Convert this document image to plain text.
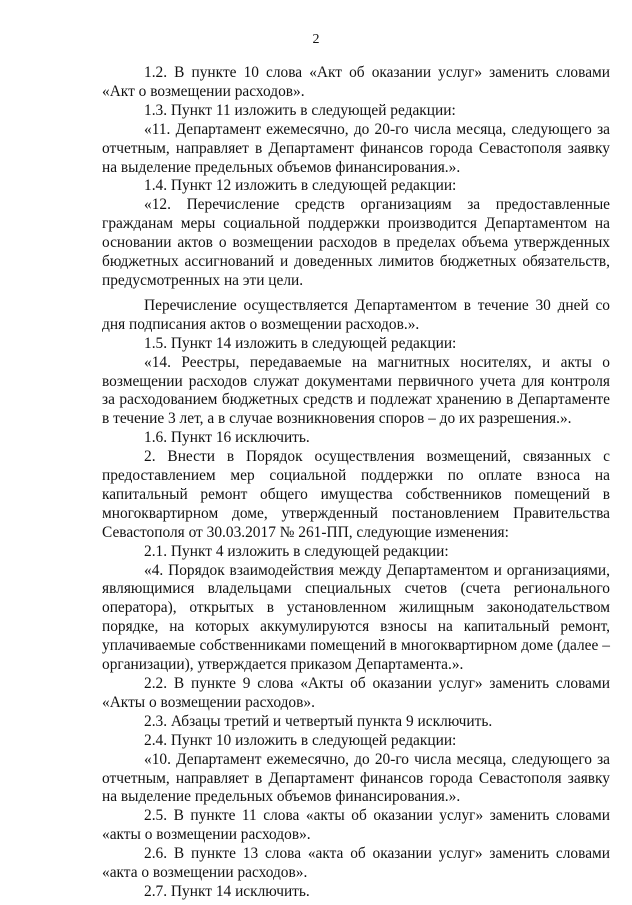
2

1.2. В пункте 10 слова «Акт об оказании услуг» заменить словами «Акт о возмещении расходов».

1.3. Пункт 11 изложить в следующей редакции:

«11. Департамент ежемесячно, до 20-го числа месяца, следующего за отчетным, направляет в Департамент финансов города Севастополя заявку на выделение предельных объемов финансирования.».

1.4. Пункт 12 изложить в следующей редакции:

«12. Перечисление средств организациям за предоставленные гражданам меры социальной поддержки производится Департаментом на основании актов о возмещении расходов в пределах объема утвержденных бюджетных ассигнований и доведенных лимитов бюджетных обязательств, предусмотренных на эти цели.

Перечисление осуществляется Департаментом в течение 30 дней со дня подписания актов о возмещении расходов.».

1.5. Пункт 14 изложить в следующей редакции:

«14. Реестры, передаваемые на магнитных носителях, и акты о возмещении расходов служат документами первичного учета для контроля за расходованием бюджетных средств и подлежат хранению в Департаменте в течение 3 лет, а в случае возникновения споров – до их разрешения.».

1.6. Пункт 16 исключить.

2. Внести в Порядок осуществления возмещений, связанных с предоставлением мер социальной поддержки по оплате взноса на капитальный ремонт общего имущества собственников помещений в многоквартирном доме, утвержденный постановлением Правительства Севастополя от 30.03.2017 № 261-ПП, следующие изменения:

2.1. Пункт 4 изложить в следующей редакции:

«4. Порядок взаимодействия между Департаментом и организациями, являющимися владельцами специальных счетов (счета регионального оператора), открытых в установленном жилищным законодательством порядке, на которых аккумулируются взносы на капитальный ремонт, уплачиваемые собственниками помещений в многоквартирном доме (далее – организации), утверждается приказом Департамента.».

2.2. В пункте 9 слова «Акты об оказании услуг» заменить словами «Акты о возмещении расходов».

2.3. Абзацы третий и четвертый пункта 9 исключить.

2.4. Пункт 10 изложить в следующей редакции:

«10. Департамент ежемесячно, до 20-го числа месяца, следующего за отчетным, направляет в Департамент финансов города Севастополя заявку на выделение предельных объемов финансирования.».

2.5. В пункте 11 слова «акты об оказании услуг» заменить словами «акты о возмещении расходов».

2.6. В пункте 13 слова «акта об оказании услуг» заменить словами «акта о возмещении расходов».

2.7. Пункт 14 исключить.
